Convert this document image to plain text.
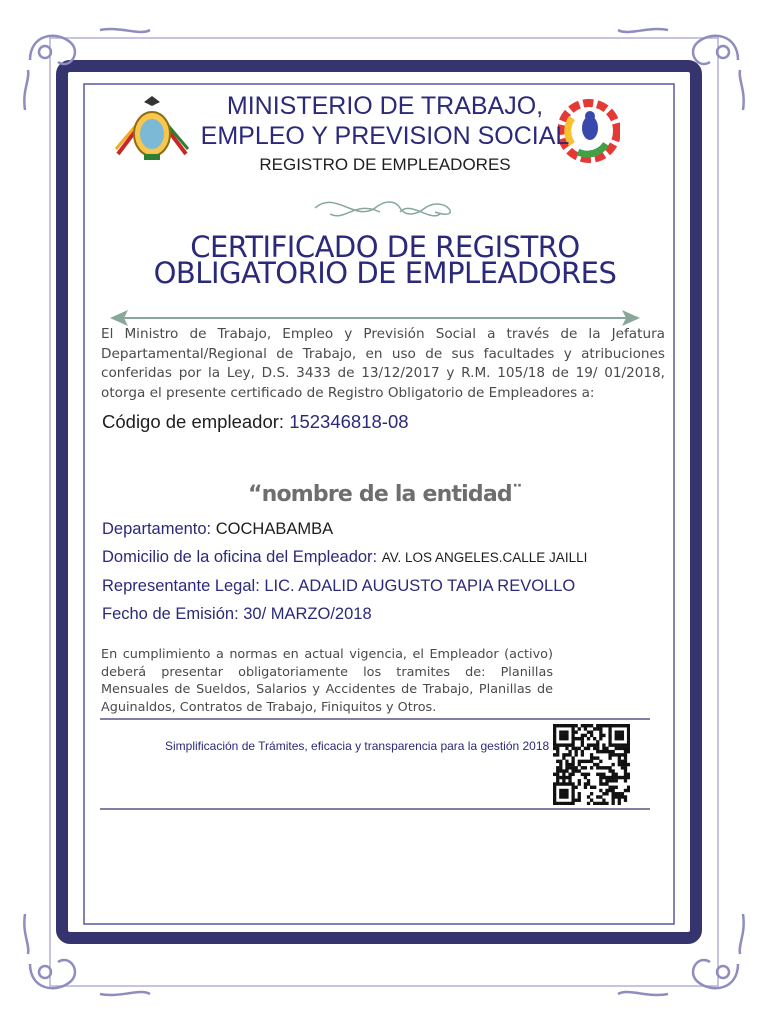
MINISTERIO DE TRABAJO,
EMPLEO Y PREVISION SOCIAL
REGISTRO DE EMPLEADORES
CERTIFICADO DE REGISTRO
OBLIGATORIO DE EMPLEADORES
El Ministro de Trabajo, Empleo y Previsión Social a través de la Jefatura Departamental/Regional de Trabajo, en uso de sus facultades y atribuciones conferidas por la Ley, D.S. 3433 de 13/12/2017 y R.M. 105/18 de 19/ 01/2018, otorga el presente certificado de Registro Obligatorio de Empleadores a:
Código de empleador: 152346818-08
“nombre de la entidad¨
Departamento: COCHABAMBA
Domicilio de la oficina del Empleador: AV. LOS ANGELES.CALLE JAILLI
Representante Legal: LIC. ADALID AUGUSTO TAPIA REVOLLO
Fecho de Emisión: 30/ MARZO/2018
En cumplimiento a normas en actual vigencia, el Empleador (activo) deberá presentar obligatoriamente los tramites de: Planillas Mensuales de Sueldos, Salarios y Accidentes de Trabajo, Planillas de Aguinaldos, Contratos de Trabajo, Finiquitos y Otros.
Simplificación de Trámites, eficacia y transparencia para la gestión 2018
